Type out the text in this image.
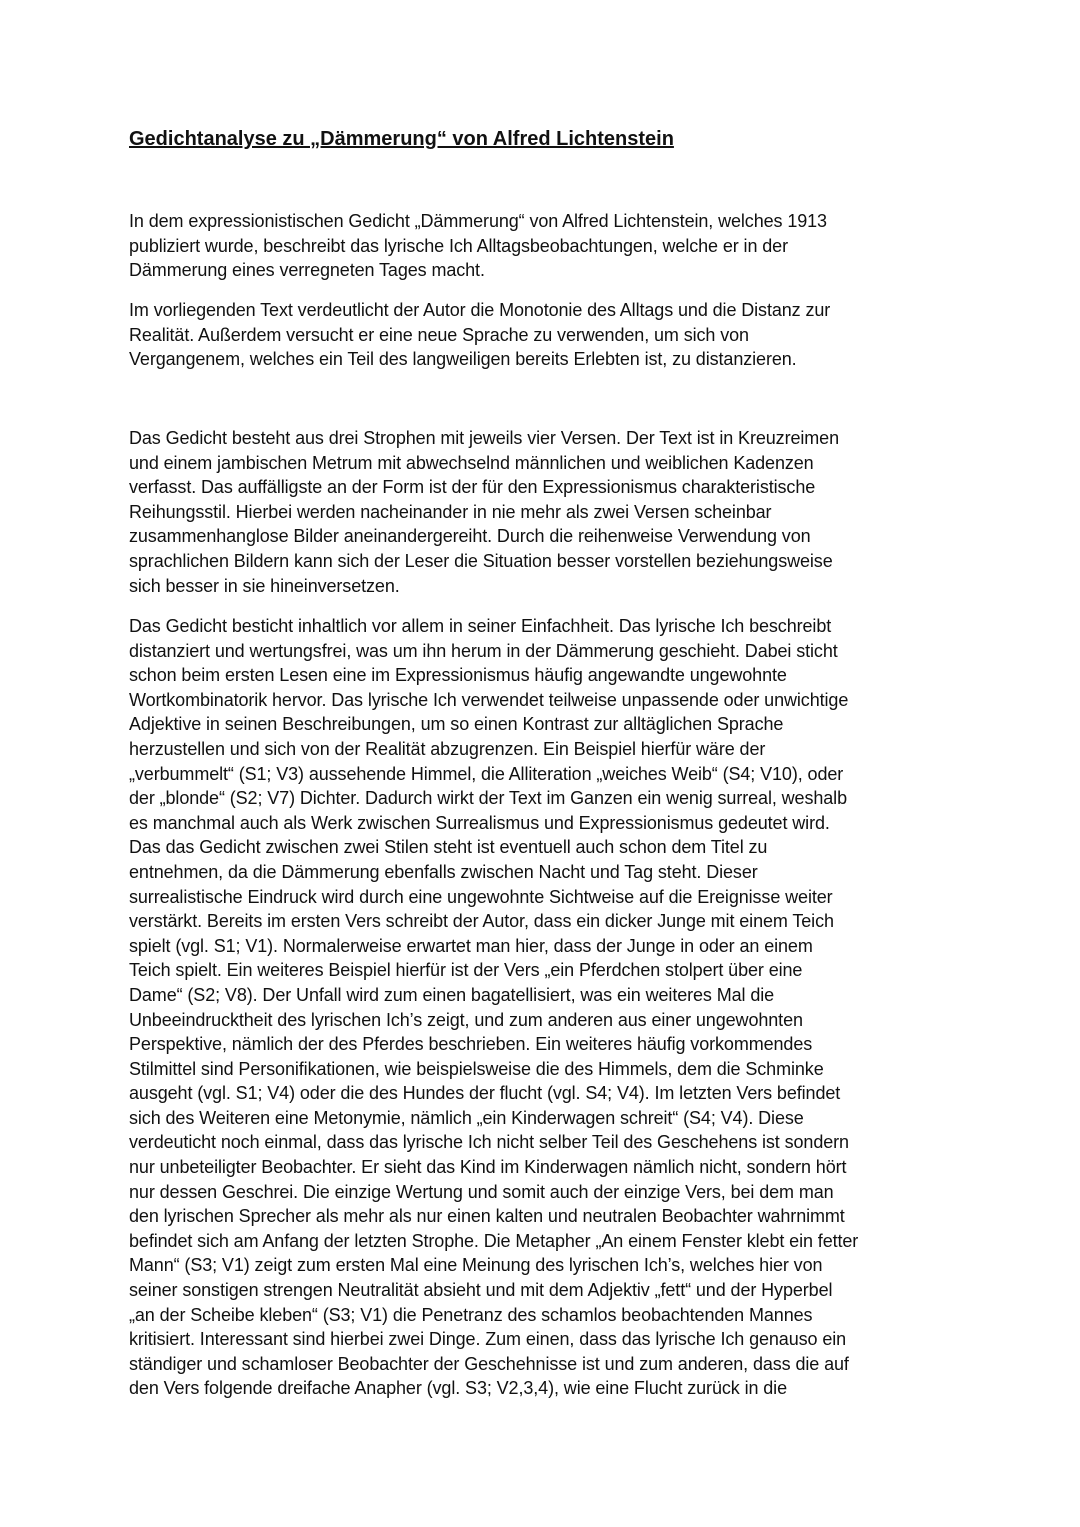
Gedichtanalyse zu „Dämmerung“ von Alfred Lichtenstein

In dem expressionistischen Gedicht „Dämmerung“ von Alfred Lichtenstein, welches 1913
publiziert wurde, beschreibt das lyrische Ich Alltagsbeobachtungen, welche er in der
Dämmerung eines verregneten Tages macht.

Im vorliegenden Text verdeutlicht der Autor die Monotonie des Alltags und die Distanz zur
Realität. Außerdem versucht er eine neue Sprache zu verwenden, um sich von
Vergangenem, welches ein Teil des langweiligen bereits Erlebten ist, zu distanzieren.

Das Gedicht besteht aus drei Strophen mit jeweils vier Versen. Der Text ist in Kreuzreimen
und einem jambischen Metrum mit abwechselnd männlichen und weiblichen Kadenzen
verfasst. Das auffälligste an der Form ist der für den Expressionismus charakteristische
Reihungsstil. Hierbei werden nacheinander in nie mehr als zwei Versen scheinbar
zusammenhanglose Bilder aneinandergereiht. Durch die reihenweise Verwendung von
sprachlichen Bildern kann sich der Leser die Situation besser vorstellen beziehungsweise
sich besser in sie hineinversetzen.

Das Gedicht besticht inhaltlich vor allem in seiner Einfachheit. Das lyrische Ich beschreibt
distanziert und wertungsfrei, was um ihn herum in der Dämmerung geschieht. Dabei sticht
schon beim ersten Lesen eine im Expressionismus häufig angewandte ungewohnte
Wortkombinatorik hervor. Das lyrische Ich verwendet teilweise unpassende oder unwichtige
Adjektive in seinen Beschreibungen, um so einen Kontrast zur alltäglichen Sprache
herzustellen und sich von der Realität abzugrenzen. Ein Beispiel hierfür wäre der
„verbummelt“ (S1; V3) aussehende Himmel, die Alliteration „weiches Weib“ (S4; V10), oder
der „blonde“ (S2; V7) Dichter. Dadurch wirkt der Text im Ganzen ein wenig surreal, weshalb
es manchmal auch als Werk zwischen Surrealismus und Expressionismus gedeutet wird.
Das das Gedicht zwischen zwei Stilen steht ist eventuell auch schon dem Titel zu
entnehmen, da die Dämmerung ebenfalls zwischen Nacht und Tag steht. Dieser
surrealistische Eindruck wird durch eine ungewohnte Sichtweise auf die Ereignisse weiter
verstärkt. Bereits im ersten Vers schreibt der Autor, dass ein dicker Junge mit einem Teich
spielt (vgl. S1; V1). Normalerweise erwartet man hier, dass der Junge in oder an einem
Teich spielt. Ein weiteres Beispiel hierfür ist der Vers „ein Pferdchen stolpert über eine
Dame“ (S2; V8). Der Unfall wird zum einen bagatellisiert, was ein weiteres Mal die
Unbeeindrucktheit des lyrischen Ich’s zeigt, und zum anderen aus einer ungewohnten
Perspektive, nämlich der des Pferdes beschrieben. Ein weiteres häufig vorkommendes
Stilmittel sind Personifikationen, wie beispielsweise die des Himmels, dem die Schminke
ausgeht (vgl. S1; V4) oder die des Hundes der flucht (vgl. S4; V4). Im letzten Vers befindet
sich des Weiteren eine Metonymie, nämlich „ein Kinderwagen schreit“ (S4; V4). Diese
verdeuticht noch einmal, dass das lyrische Ich nicht selber Teil des Geschehens ist sondern
nur unbeteiligter Beobachter. Er sieht das Kind im Kinderwagen nämlich nicht, sondern hört
nur dessen Geschrei. Die einzige Wertung und somit auch der einzige Vers, bei dem man
den lyrischen Sprecher als mehr als nur einen kalten und neutralen Beobachter wahrnimmt
befindet sich am Anfang der letzten Strophe. Die Metapher „An einem Fenster klebt ein fetter
Mann“ (S3; V1) zeigt zum ersten Mal eine Meinung des lyrischen Ich’s, welches hier von
seiner sonstigen strengen Neutralität absieht und mit dem Adjektiv „fett“ und der Hyperbel
„an der Scheibe kleben“ (S3; V1) die Penetranz des schamlos beobachtenden Mannes
kritisiert. Interessant sind hierbei zwei Dinge. Zum einen, dass das lyrische Ich genauso ein
ständiger und schamloser Beobachter der Geschehnisse ist und zum anderen, dass die auf
den Vers folgende dreifache Anapher (vgl. S3; V2,3,4), wie eine Flucht zurück in die
